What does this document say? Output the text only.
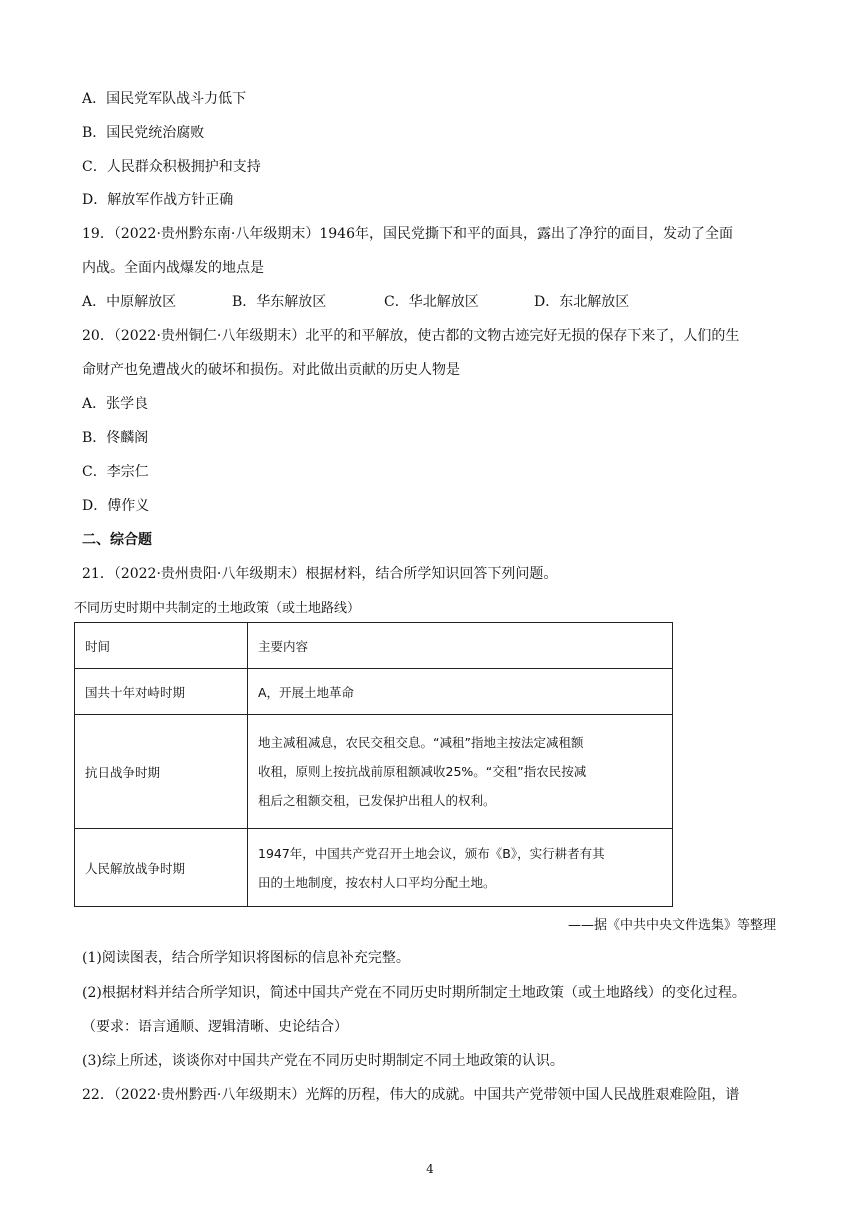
A．国民党军队战斗力低下
B．国民党统治腐败
C．人民群众积极拥护和支持
D．解放军作战方针正确
19．（2022·贵州黔东南·八年级期末）1946年，国民党撕下和平的面具，露出了净狞的面目，发动了全面
内战。全面内战爆发的地点是
A．中原解放区	B．华东解放区	C．华北解放区	D．东北解放区
20．（2022·贵州铜仁·八年级期末）北平的和平解放，使古都的文物古迹完好无损的保存下来了，人们的生
命财产也免遭战火的破坏和损伤。对此做出贡献的历史人物是
A．张学良
B．佟麟阁
C．李宗仁
D．傅作义
二、综合题
21．（2022·贵州贵阳·八年级期末）根据材料，结合所学知识回答下列问题。
不同历史时期中共制定的土地政策（或土地路线）
时间	主要内容
国共十年对峙时期	A，开展土地革命

抗日战争时期	地主减租减息，农民交租交息。“减租”指地主按法定减租额
收租，原则上按抗战前原租额减收25%。“交租”指农民按减
租后之租额交租，已发保护出租人的权利。

人民解放战争时期	1947年，中国共产党召开土地会议，颁布《B》，实行耕者有其
田的土地制度，按农村人口平均分配土地。
——据《中共中央文件选集》等整理
(1)阅读图表，结合所学知识将图标的信息补充完整。
(2)根据材料并结合所学知识，简述中国共产党在不同历史时期所制定土地政策（或土地路线）的变化过程。
（要求：语言通顺、逻辑清晰、史论结合）
(3)综上所述，谈谈你对中国共产党在不同历史时期制定不同土地政策的认识。
22．（2022·贵州黔西·八年级期末）光辉的历程，伟大的成就。中国共产党带领中国人民战胜艰难险阻，谱
4
